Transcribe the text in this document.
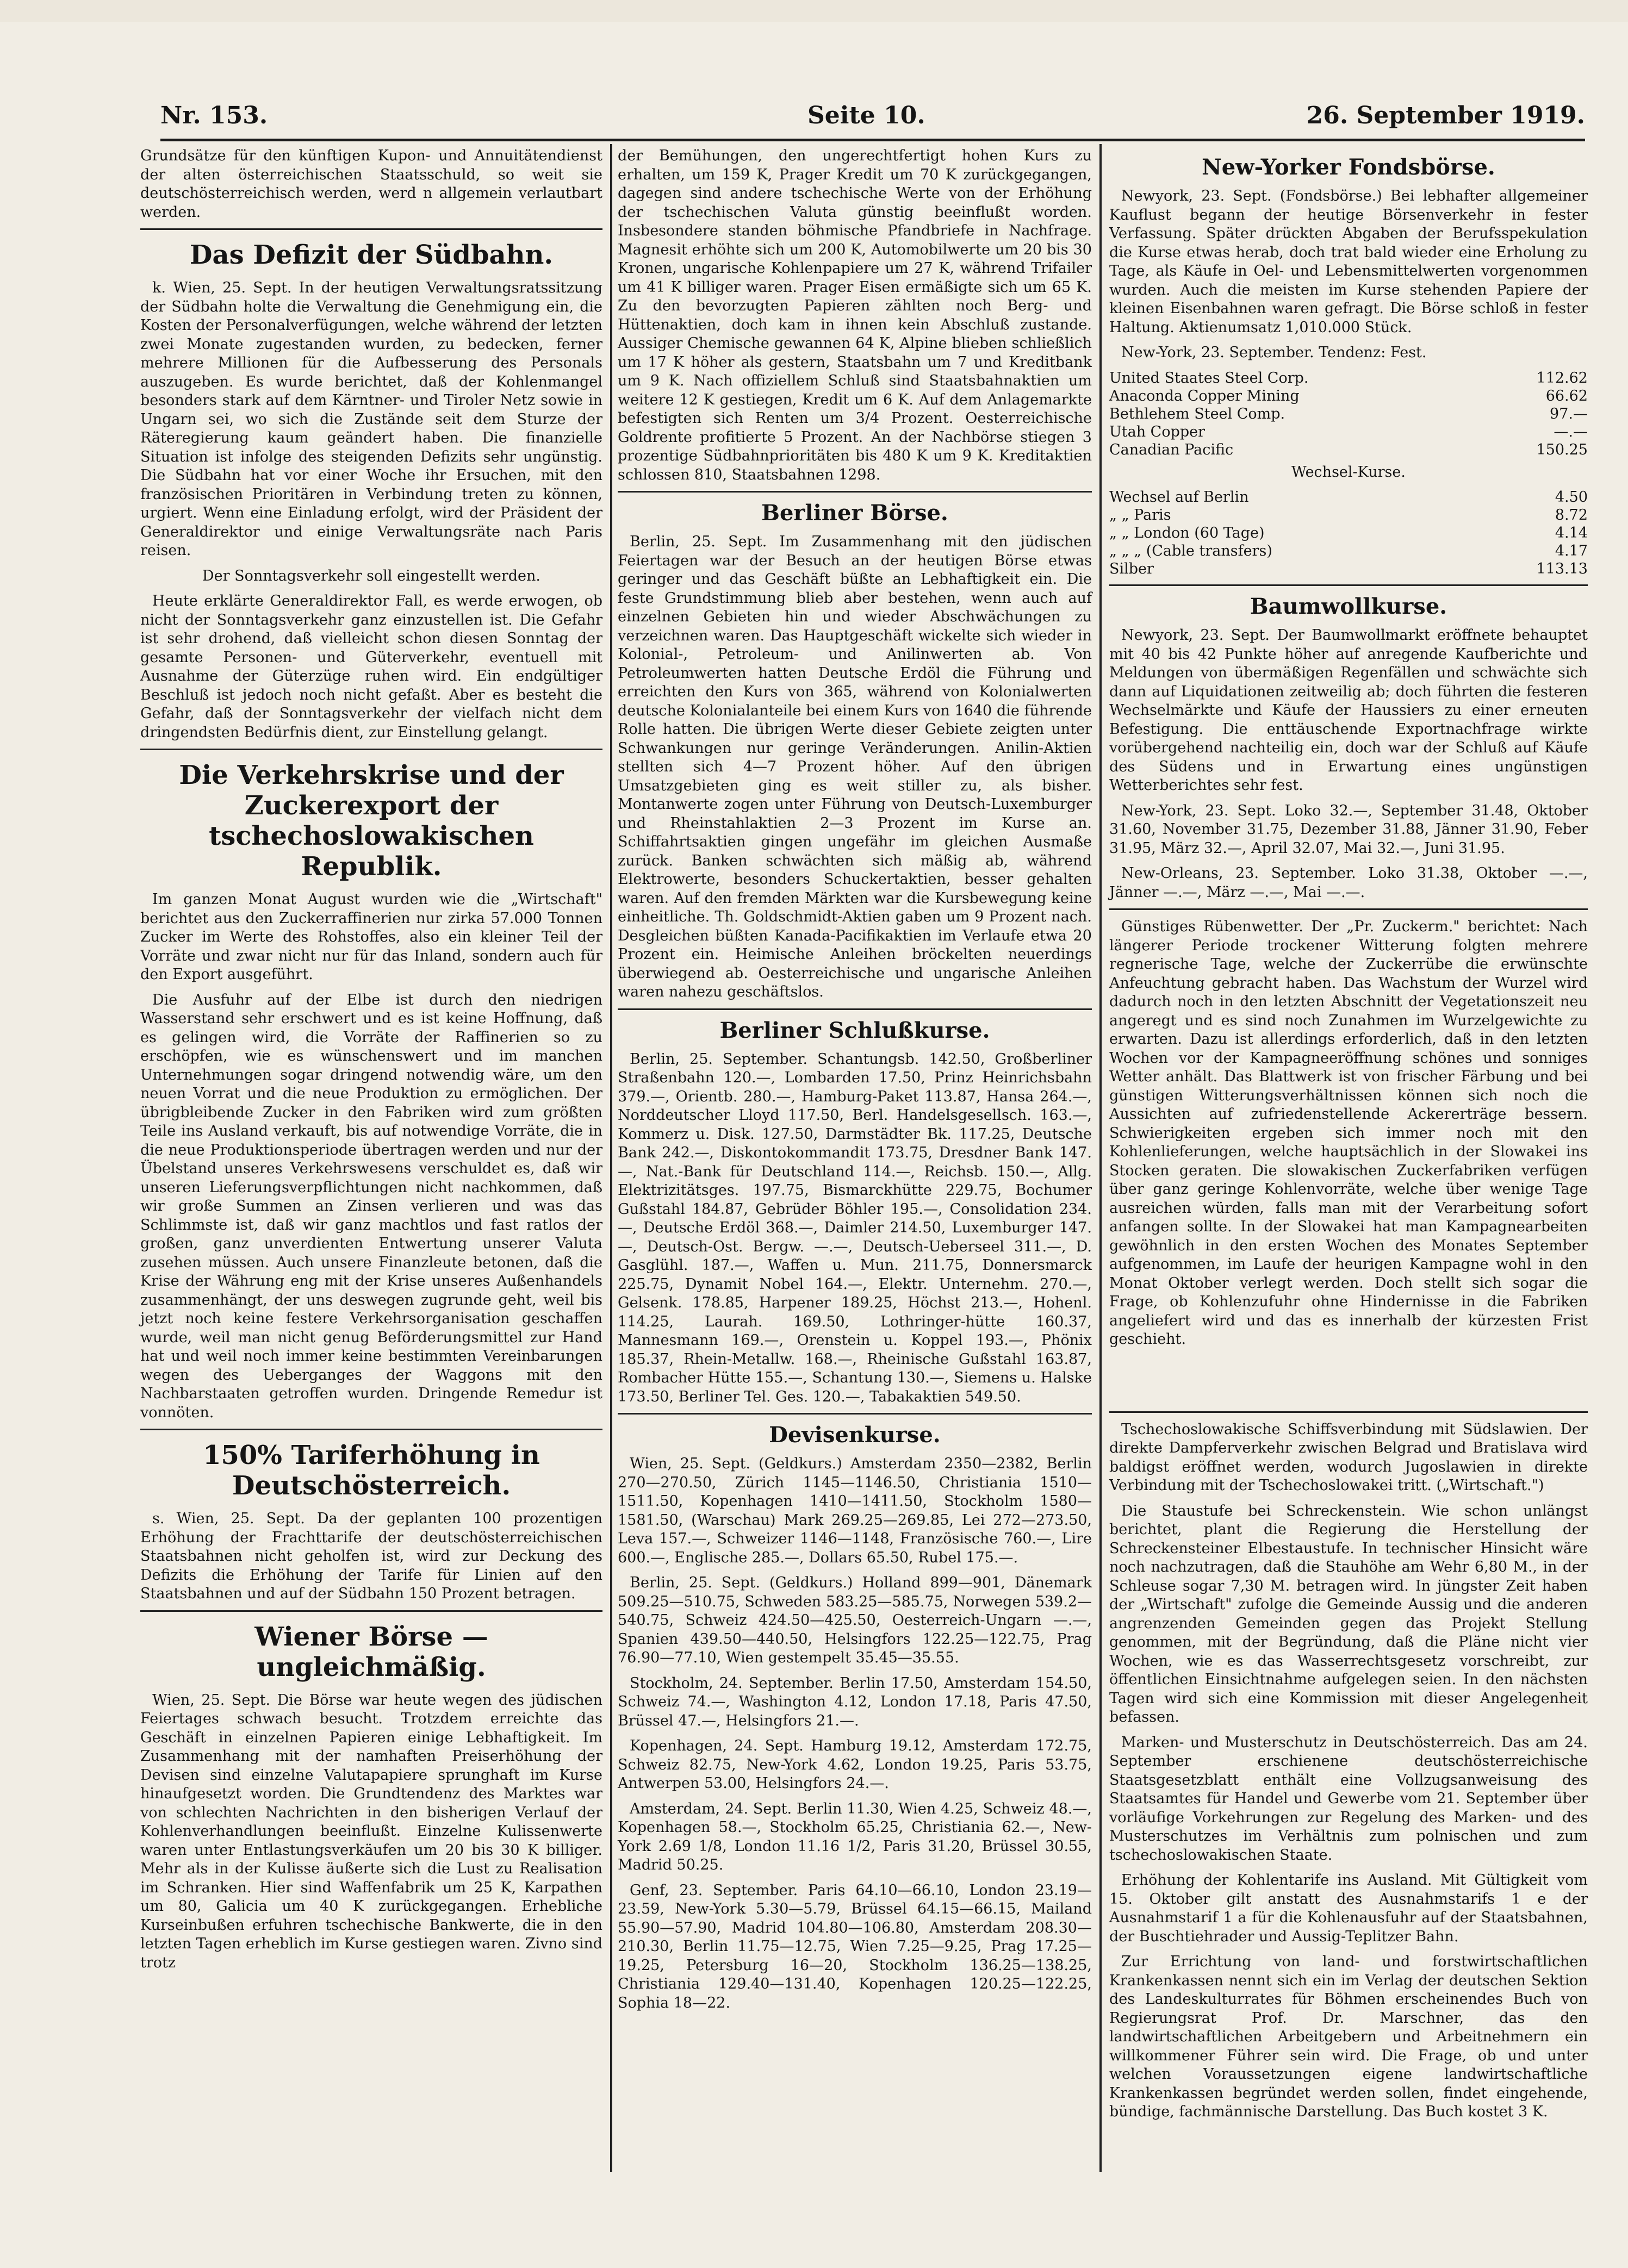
Nr. 153.	Seite 10.	26. September 1919.

Grundsätze für den künftigen Kupon- und Annuitätendienst der alten österreichischen Staatsschuld, so weit sie deutschösterreichisch werden, werd n allgemein verlautbart werden.

Das Defizit der Südbahn.

k. Wien, 25. Sept. In der heutigen Verwaltungsratssitzung der Südbahn holte die Verwaltung die Genehmigung ein, die Kosten der Personalverfügungen, welche während der letzten zwei Monate zugestanden wurden, zu bedecken, ferner mehrere Millionen für die Aufbesserung des Personals auszugeben. Es wurde berichtet, daß der Kohlenmangel besonders stark auf dem Kärntner- und Tiroler Netz sowie in Ungarn sei, wo sich die Zustände seit dem Sturze der Räteregierung kaum geändert haben. Die finanzielle Situation ist infolge des steigenden Defizits sehr ungünstig. Die Südbahn hat vor einer Woche ihr Ersuchen, mit den französischen Prioritären in Verbindung treten zu können, urgiert. Wenn eine Einladung erfolgt, wird der Präsident der Generaldirektor und einige Verwaltungsräte nach Paris reisen.

Der Sonntagsverkehr soll eingestellt werden.

Heute erklärte Generaldirektor Fall, es werde erwogen, ob nicht der Sonntagsverkehr ganz einzustellen ist. Die Gefahr ist sehr drohend, daß vielleicht schon diesen Sonntag der gesamte Personen- und Güterverkehr, eventuell mit Ausnahme der Güterzüge ruhen wird. Ein endgültiger Beschluß ist jedoch noch nicht gefaßt. Aber es besteht die Gefahr, daß der Sonntagsverkehr der vielfach nicht dem dringendsten Bedürfnis dient, zur Einstellung gelangt.

Die Verkehrskrise und der Zuckerexport der tschechoslowakischen Republik.

Im ganzen Monat August wurden wie die „Wirtschaft" berichtet aus den Zuckerraffinerien nur zirka 57.000 Tonnen Zucker im Werte des Rohstoffes, also ein kleiner Teil der Vorräte und zwar nicht nur für das Inland, sondern auch für den Export ausgeführt.

Die Ausfuhr auf der Elbe ist durch den niedrigen Wasserstand sehr erschwert und es ist keine Hoffnung, daß es gelingen wird, die Vorräte der Raffinerien so zu erschöpfen, wie es wünschenswert und im manchen Unternehmungen sogar dringend notwendig wäre, um den neuen Vorrat und die neue Produktion zu ermöglichen. Der übrigbleibende Zucker in den Fabriken wird zum größten Teile ins Ausland verkauft, bis auf notwendige Vorräte, die in die neue Produktionsperiode übertragen werden und nur der Übelstand unseres Verkehrswesens verschuldet es, daß wir unseren Lieferungsverpflichtungen nicht nachkommen, daß wir große Summen an Zinsen verlieren und was das Schlimmste ist, daß wir ganz machtlos und fast ratlos der großen, ganz unverdienten Entwertung unserer Valuta zusehen müssen. Auch unsere Finanzleute betonen, daß die Krise der Währung eng mit der Krise unseres Außenhandels zusammenhängt, der uns deswegen zugrunde geht, weil bis jetzt noch keine festere Verkehrsorganisation geschaffen wurde, weil man nicht genug Beförderungsmittel zur Hand hat und weil noch immer keine bestimmten Vereinbarungen wegen des Ueberganges der Waggons mit den Nachbarstaaten getroffen wurden. Dringende Remedur ist vonnöten.

150% Tariferhöhung in Deutschösterreich.

s. Wien, 25. Sept. Da der geplanten 100 prozentigen Erhöhung der Frachttarife der deutschösterreichischen Staatsbahnen nicht geholfen ist, wird zur Deckung des Defizits die Erhöhung der Tarife für Linien auf den Staatsbahnen und auf der Südbahn 150 Prozent betragen.

Wiener Börse — ungleichmäßig.

Wien, 25. Sept. Die Börse war heute wegen des jüdischen Feiertages schwach besucht. Trotzdem erreichte das Geschäft in einzelnen Papieren einige Lebhaftigkeit. Im Zusammenhang mit der namhaften Preiserhöhung der Devisen sind einzelne Valutapapiere sprunghaft im Kurse hinaufgesetzt worden. Die Grundtendenz des Marktes war von schlechten Nachrichten in den bisherigen Verlauf der Kohlenverhandlungen beeinflußt. Einzelne Kulissenwerte waren unter Entlastungsverkäufen um 20 bis 30 K billiger. Mehr als in der Kulisse äußerte sich die Lust zu Realisation im Schranken. Hier sind Waffenfabrik um 25 K, Karpathen um 80, Galicia um 40 K zurückgegangen. Erhebliche Kurseinbußen erfuhren tschechische Bankwerte, die in den letzten Tagen erheblich im Kurse gestiegen waren. Zivno sind trotz

der Bemühungen, den ungerechtfertigt hohen Kurs zu erhalten, um 159 K, Prager Kredit um 70 K zurückgegangen, dagegen sind andere tschechische Werte von der Erhöhung der tschechischen Valuta günstig beeinflußt worden. Insbesondere standen böhmische Pfandbriefe in Nachfrage. Magnesit erhöhte sich um 200 K, Automobilwerte um 20 bis 30 Kronen, ungarische Kohlenpapiere um 27 K, während Trifailer um 41 K billiger waren. Prager Eisen ermäßigte sich um 65 K. Zu den bevorzugten Papieren zählten noch Berg- und Hüttenaktien, doch kam in ihnen kein Abschluß zustande. Aussiger Chemische gewannen 64 K, Alpine blieben schließlich um 17 K höher als gestern, Staatsbahn um 7 und Kreditbank um 9 K. Nach offiziellem Schluß sind Staatsbahnaktien um weitere 12 K gestiegen, Kredit um 6 K. Auf dem Anlagemarkte befestigten sich Renten um 3/4 Prozent. Oesterreichische Goldrente profitierte 5 Prozent. An der Nachbörse stiegen 3 prozentige Südbahnprioritäten bis 480 K um 9 K. Kreditaktien schlossen 810, Staatsbahnen 1298.

Berliner Börse.

Berlin, 25. Sept. Im Zusammenhang mit den jüdischen Feiertagen war der Besuch an der heutigen Börse etwas geringer und das Geschäft büßte an Lebhaftigkeit ein. Die feste Grundstimmung blieb aber bestehen, wenn auch auf einzelnen Gebieten hin und wieder Abschwächungen zu verzeichnen waren. Das Hauptgeschäft wickelte sich wieder in Kolonial-, Petroleum- und Anilinwerten ab. Von Petroleumwerten hatten Deutsche Erdöl die Führung und erreichten den Kurs von 365, während von Kolonialwerten deutsche Kolonialanteile bei einem Kurs von 1640 die führende Rolle hatten. Die übrigen Werte dieser Gebiete zeigten unter Schwankungen nur geringe Veränderungen. Anilin-Aktien stellten sich 4—7 Prozent höher. Auf den übrigen Umsatzgebieten ging es weit stiller zu, als bisher. Montanwerte zogen unter Führung von Deutsch-Luxemburger und Rheinstahlaktien 2—3 Prozent im Kurse an. Schiffahrtsaktien gingen ungefähr im gleichen Ausmaße zurück. Banken schwächten sich mäßig ab, während Elektrowerte, besonders Schuckertaktien, besser gehalten waren. Auf den fremden Märkten war die Kursbewegung keine einheitliche. Th. Goldschmidt-Aktien gaben um 9 Prozent nach. Desgleichen büßten Kanada-Pacifikaktien im Verlaufe etwa 20 Prozent ein. Heimische Anleihen bröckelten neuerdings überwiegend ab. Oesterreichische und ungarische Anleihen waren nahezu geschäftslos.

Berliner Schlußkurse.

Berlin, 25. September. Schantungsb. 142.50, Großberliner Straßenbahn 120.—, Lombarden 17.50, Prinz Heinrichsbahn 379.—, Orientb. 280.—, Hamburg-Paket 113.87, Hansa 264.—, Norddeutscher Lloyd 117.50, Berl. Handelsgesellsch. 163.—, Kommerz u. Disk. 127.50, Darmstädter Bk. 117.25, Deutsche Bank 242.—, Diskontokommandit 173.75, Dresdner Bank 147.—, Nat.-Bank für Deutschland 114.—, Reichsb. 150.—, Allg. Elektrizitätsges. 197.75, Bismarckhütte 229.75, Bochumer Gußstahl 184.87, Gebrüder Böhler 195.—, Consolidation 234.—, Deutsche Erdöl 368.—, Daimler 214.50, Luxemburger 147.—, Deutsch-Ost. Bergw. —.—, Deutsch-Ueberseel 311.—, D. Gasglühl. 187.—, Waffen u. Mun. 211.75, Donnersmarck 225.75, Dynamit Nobel 164.—, Elektr. Unternehm. 270.—, Gelsenk. 178.85, Harpener 189.25, Höchst 213.—, Hohenl. 114.25, Laurah. 169.50, Lothringer-hütte 160.37, Mannesmann 169.—, Orenstein u. Koppel 193.—, Phönix 185.37, Rhein-Metallw. 168.—, Rheinische Gußstahl 163.87, Rombacher Hütte 155.—, Schantung 130.—, Siemens u. Halske 173.50, Berliner Tel. Ges. 120.—, Tabakaktien 549.50.

Devisenkurse.

Wien, 25. Sept. (Geldkurs.) Amsterdam 2350—2382, Berlin 270—270.50, Zürich 1145—1146.50, Christiania 1510—1511.50, Kopenhagen 1410—1411.50, Stockholm 1580—1581.50, (Warschau) Mark 269.25—269.85, Lei 272—273.50, Leva 157.—, Schweizer 1146—1148, Französische 760.—, Lire 600.—, Englische 285.—, Dollars 65.50, Rubel 175.—.

Berlin, 25. Sept. (Geldkurs.) Holland 899—901, Dänemark 509.25—510.75, Schweden 583.25—585.75, Norwegen 539.2—540.75, Schweiz 424.50—425.50, Oesterreich-Ungarn —.—, Spanien 439.50—440.50, Helsingfors 122.25—122.75, Prag 76.90—77.10, Wien gestempelt 35.45—35.55.

Stockholm, 24. September. Berlin 17.50, Amsterdam 154.50, Schweiz 74.—, Washington 4.12, London 17.18, Paris 47.50, Brüssel 47.—, Helsingfors 21.—.

Kopenhagen, 24. Sept. Hamburg 19.12, Amsterdam 172.75, Schweiz 82.75, New-York 4.62, London 19.25, Paris 53.75, Antwerpen 53.00, Helsingfors 24.—.

Amsterdam, 24. Sept. Berlin 11.30, Wien 4.25, Schweiz 48.—, Kopenhagen 58.—, Stockholm 65.25, Christiania 62.—, New-York 2.69 1/8, London 11.16 1/2, Paris 31.20, Brüssel 30.55, Madrid 50.25.

Genf, 23. September. Paris 64.10—66.10, London 23.19—23.59, New-York 5.30—5.79, Brüssel 64.15—66.15, Mailand 55.90—57.90, Madrid 104.80—106.80, Amsterdam 208.30—210.30, Berlin 11.75—12.75, Wien 7.25—9.25, Prag 17.25—19.25, Petersburg 16—20, Stockholm 136.25—138.25, Christiania 129.40—131.40, Kopenhagen 120.25—122.25, Sophia 18—22.

New-Yorker Fondsbörse.

Newyork, 23. Sept. (Fondsbörse.) Bei lebhafter allgemeiner Kauflust begann der heutige Börsenverkehr in fester Verfassung. Später drückten Abgaben der Berufsspekulation die Kurse etwas herab, doch trat bald wieder eine Erholung zu Tage, als Käufe in Oel- und Lebensmittelwerten vorgenommen wurden. Auch die meisten im Kurse stehenden Papiere der kleinen Eisenbahnen waren gefragt. Die Börse schloß in fester Haltung. Aktienumsatz 1,010.000 Stück.

New-York, 23. September. Tendenz: Fest.

United Staates Steel Corp.	112.62
Anaconda Copper Mining	66.62
Bethlehem Steel Comp.	97.—
Utah Copper	—.—
Canadian Pacific	150.25

Wechsel-Kurse.

Wechsel auf Berlin	4.50
„ „ Paris	8.72
„ „ London (60 Tage)	4.14
„ „ „ (Cable transfers)	4.17
Silber	113.13
Baumwollkurse.

Newyork, 23. Sept. Der Baumwollmarkt eröffnete behauptet mit 40 bis 42 Punkte höher auf anregende Kaufberichte und Meldungen von übermäßigen Regenfällen und schwächte sich dann auf Liquidationen zeitweilig ab; doch führten die festeren Wechselmärkte und Käufe der Haussiers zu einer erneuten Befestigung. Die enttäuschende Exportnachfrage wirkte vorübergehend nachteilig ein, doch war der Schluß auf Käufe des Südens und in Erwartung eines ungünstigen Wetterberichtes sehr fest.

New-York, 23. Sept. Loko 32.—, September 31.48, Oktober 31.60, November 31.75, Dezember 31.88, Jänner 31.90, Feber 31.95, März 32.—, April 32.07, Mai 32.—, Juni 31.95.

New-Orleans, 23. September. Loko 31.38, Oktober —.—, Jänner —.—, März —.—, Mai —.—.

Günstiges Rübenwetter. Der „Pr. Zuckerm." berichtet: Nach längerer Periode trockener Witterung folgten mehrere regnerische Tage, welche der Zuckerrübe die erwünschte Anfeuchtung gebracht haben. Das Wachstum der Wurzel wird dadurch noch in den letzten Abschnitt der Vegetationszeit neu angeregt und es sind noch Zunahmen im Wurzelgewichte zu erwarten. Dazu ist allerdings erforderlich, daß in den letzten Wochen vor der Kampagneeröffnung schönes und sonniges Wetter anhält. Das Blattwerk ist von frischer Färbung und bei günstigen Witterungsverhältnissen können sich noch die Aussichten auf zufriedenstellende Ackererträge bessern. Schwierigkeiten ergeben sich immer noch mit den Kohlenlieferungen, welche hauptsächlich in der Slowakei ins Stocken geraten. Die slowakischen Zuckerfabriken verfügen über ganz geringe Kohlenvorräte, welche über wenige Tage ausreichen würden, falls man mit der Verarbeitung sofort anfangen sollte. In der Slowakei hat man Kampagnearbeiten gewöhnlich in den ersten Wochen des Monates September aufgenommen, im Laufe der heurigen Kampagne wohl in den Monat Oktober verlegt werden. Doch stellt sich sogar die Frage, ob Kohlenzufuhr ohne Hindernisse in die Fabriken angeliefert wird und das es innerhalb der kürzesten Frist geschieht.

Tschechoslowakische Schiffsverbindung mit Südslawien. Der direkte Dampferverkehr zwischen Belgrad und Bratislava wird baldigst eröffnet werden, wodurch Jugoslawien in direkte Verbindung mit der Tschechoslowakei tritt. („Wirtschaft.")

Die Staustufe bei Schreckenstein. Wie schon unlängst berichtet, plant die Regierung die Herstellung der Schreckensteiner Elbestaustufe. In technischer Hinsicht wäre noch nachzutragen, daß die Stauhöhe am Wehr 6,80 M., in der Schleuse sogar 7,30 M. betragen wird. In jüngster Zeit haben der „Wirtschaft" zufolge die Gemeinde Aussig und die anderen angrenzenden Gemeinden gegen das Projekt Stellung genommen, mit der Begründung, daß die Pläne nicht vier Wochen, wie es das Wasserrechtsgesetz vorschreibt, zur öffentlichen Einsichtnahme aufgelegen seien. In den nächsten Tagen wird sich eine Kommission mit dieser Angelegenheit befassen.

Marken- und Musterschutz in Deutschösterreich. Das am 24. September erschienene deutschösterreichische Staatsgesetzblatt enthält eine Vollzugsanweisung des Staatsamtes für Handel und Gewerbe vom 21. September über vorläufige Vorkehrungen zur Regelung des Marken- und des Musterschutzes im Verhältnis zum polnischen und zum tschechoslowakischen Staate.

Erhöhung der Kohlentarife ins Ausland. Mit Gültigkeit vom 15. Oktober gilt anstatt des Ausnahmstarifs 1 e der Ausnahmstarif 1 a für die Kohlenausfuhr auf der Staatsbahnen, der Buschtiehrader und Aussig-Teplitzer Bahn.

Zur Errichtung von land- und forstwirtschaftlichen Krankenkassen nennt sich ein im Verlag der deutschen Sektion des Landeskulturrates für Böhmen erscheinendes Buch von Regierungsrat Prof. Dr. Marschner, das den landwirtschaftlichen Arbeitgebern und Arbeitnehmern ein willkommener Führer sein wird. Die Frage, ob und unter welchen Voraussetzungen eigene landwirtschaftliche Krankenkassen begründet werden sollen, findet eingehende, bündige, fachmännische Darstellung. Das Buch kostet 3 K.
